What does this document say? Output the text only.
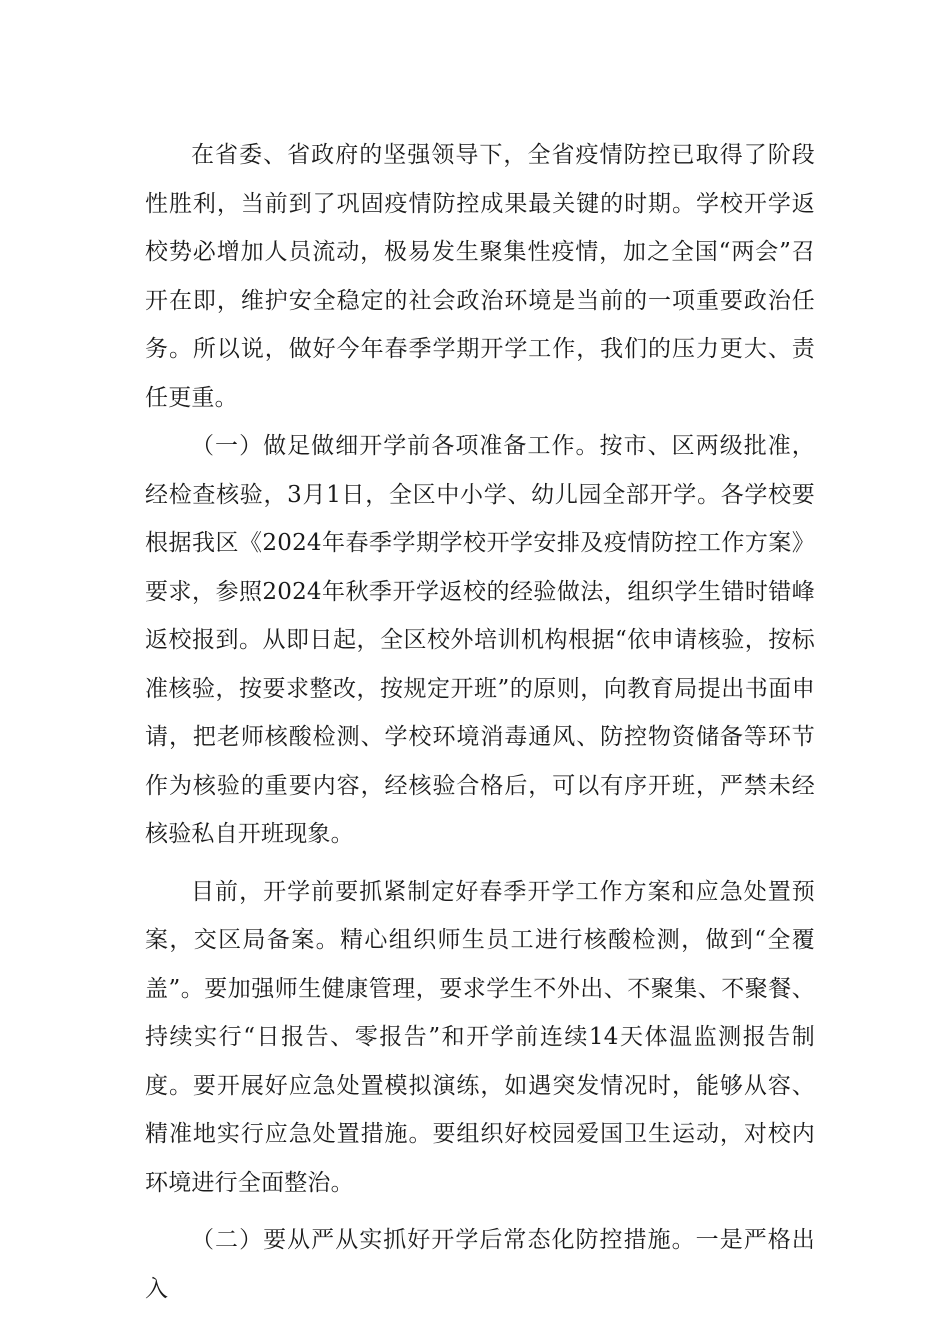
在省委、省政府的坚强领导下，全省疫情防控已取得了阶段性胜利，当前到了巩固疫情防控成果最关键的时期。学校开学返校势必增加人员流动，极易发生聚集性疫情，加之全国“两会”召开在即，维护安全稳定的社会政治环境是当前的一项重要政治任务。所以说，做好今年春季学期开学工作，我们的压力更大、责任更重。

（一）做足做细开学前各项准备工作。按市、区两级批准，经检查核验，3月1日，全区中小学、幼儿园全部开学。各学校要根据我区《2024年春季学期学校开学安排及疫情防控工作方案》要求，参照2024年秋季开学返校的经验做法，组织学生错时错峰返校报到。从即日起，全区校外培训机构根据“依申请核验，按标准核验，按要求整改，按规定开班”的原则，向教育局提出书面申请，把老师核酸检测、学校环境消毒通风、防控物资储备等环节作为核验的重要内容，经核验合格后，可以有序开班，严禁未经核验私自开班现象。

目前，开学前要抓紧制定好春季开学工作方案和应急处置预案，交区局备案。精心组织师生员工进行核酸检测，做到“全覆盖”。要加强师生健康管理，要求学生不外出、不聚集、不聚餐、持续实行“日报告、零报告”和开学前连续14天体温监测报告制度。要开展好应急处置模拟演练，如遇突发情况时，能够从容、精准地实行应急处置措施。要组织好校园爱国卫生运动，对校内环境进行全面整治。

（二）要从严从实抓好开学后常态化防控措施。一是严格出入
